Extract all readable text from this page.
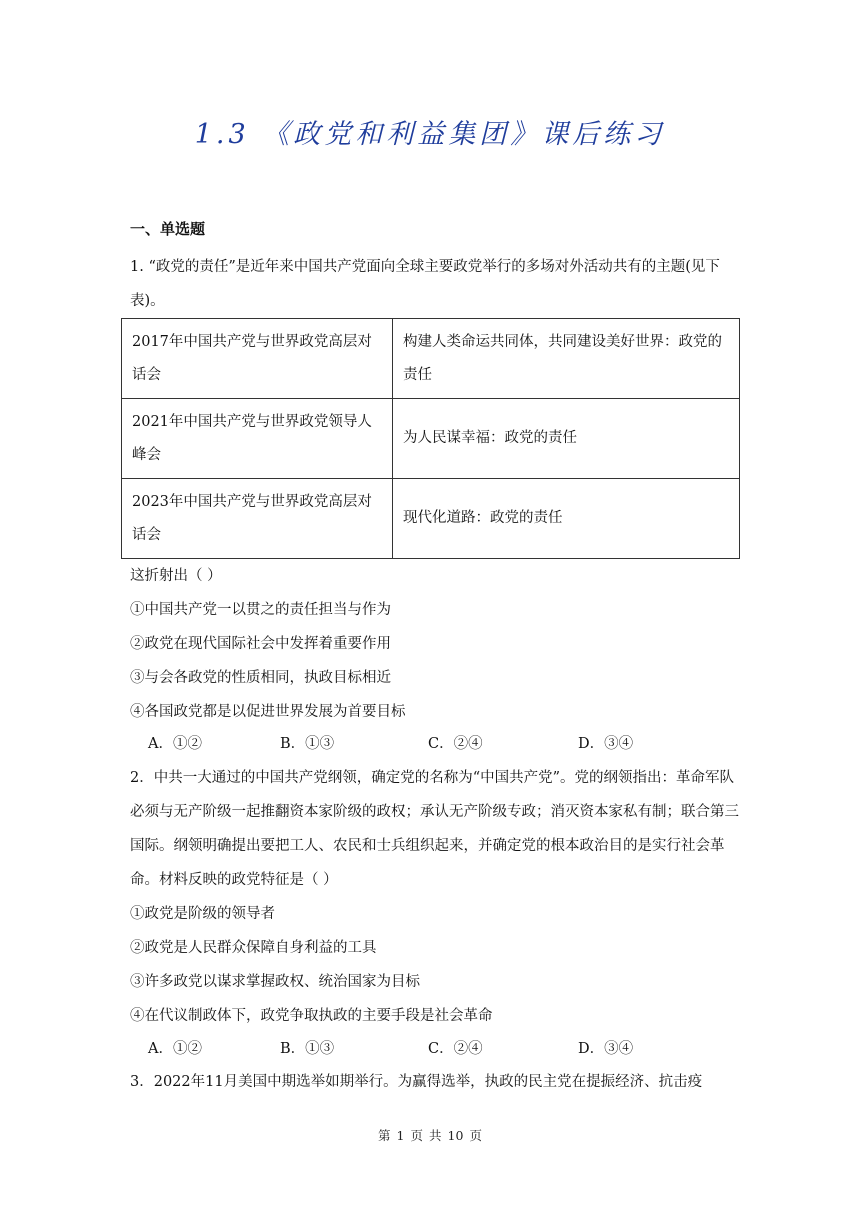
1.3 《政党和利益集团》课后练习
一、单选题
1. “政党的责任”是近年来中国共产党面向全球主要政党举行的多场对外活动共有的主题(见下表)。
2017年中国共产党与世界政党高层对话会	构建人类命运共同体，共同建设美好世界：政党的责任
2021年中国共产党与世界政党领导人峰会	为人民谋幸福：政党的责任
2023年中国共产党与世界政党高层对话会	现代化道路：政党的责任
这折射出（ ）
①中国共产党一以贯之的责任担当与作为
②政党在现代国际社会中发挥着重要作用
③与会各政党的性质相同，执政目标相近
④各国政党都是以促进世界发展为首要目标
A．①②	B．①③	C．②④	D．③④
2．中共一大通过的中国共产党纲领，确定党的名称为“中国共产党”。党的纲领指出：革命军队必须与无产阶级一起推翻资本家阶级的政权；承认无产阶级专政；消灭资本家私有制；联合第三国际。纲领明确提出要把工人、农民和士兵组织起来，并确定党的根本政治目的是实行社会革命。材料反映的政党特征是（ ）
①政党是阶级的领导者
②政党是人民群众保障自身利益的工具
③许多政党以谋求掌握政权、统治国家为目标
④在代议制政体下，政党争取执政的主要手段是社会革命
A．①②	B．①③	C．②④	D．③④
3．2022年11月美国中期选举如期举行。为赢得选举，执政的民主党在提振经济、抗击疫
第 1 页 共 10 页
